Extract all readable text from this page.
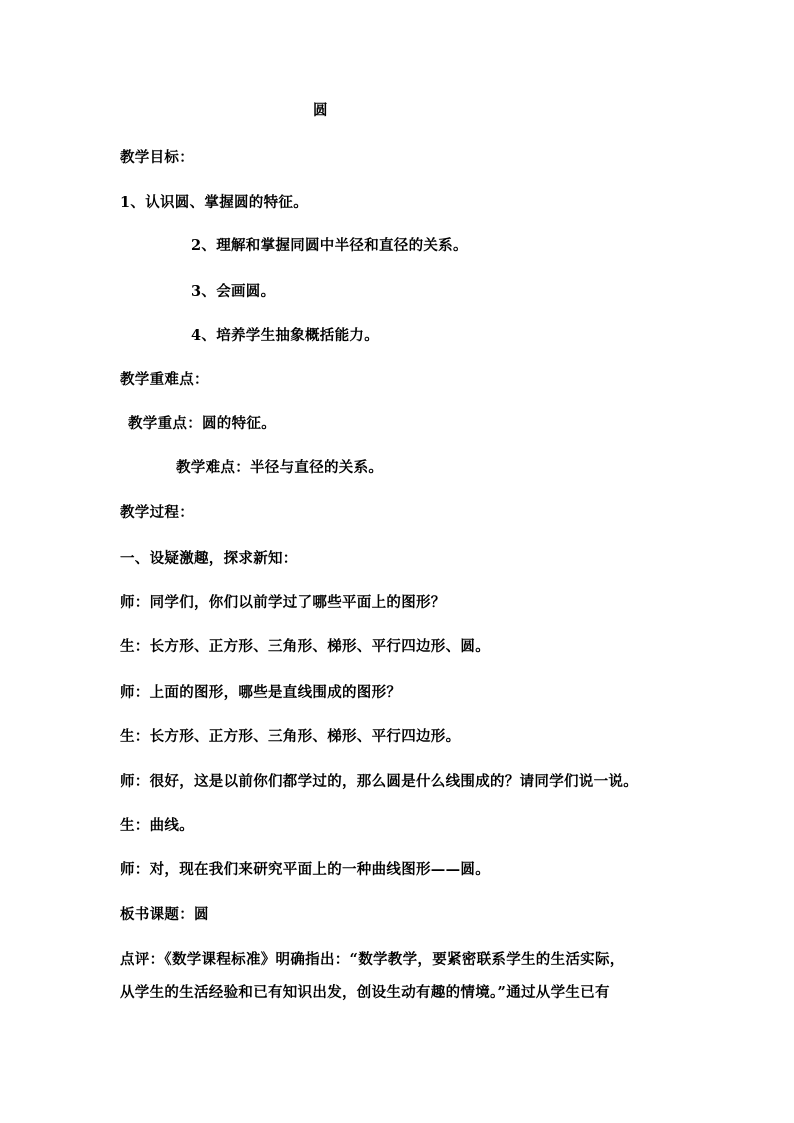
圆
教学目标：
1、认识圆、掌握圆的特征。
2、理解和掌握同圆中半径和直径的关系。
3、会画圆。
4、培养学生抽象概括能力。
教学重难点：
教学重点：圆的特征。
教学难点：半径与直径的关系。
教学过程：
一、设疑激趣，探求新知：
师：同学们，你们以前学过了哪些平面上的图形？
生：长方形、正方形、三角形、梯形、平行四边形、圆。
师：上面的图形，哪些是直线围成的图形？
生：长方形、正方形、三角形、梯形、平行四边形。
师：很好，这是以前你们都学过的，那么圆是什么线围成的？请同学们说一说。
生：曲线。
师：对，现在我们来研究平面上的一种曲线图形——圆。
板书课题：圆
点评：《数学课程标准》明确指出：“数学教学，要紧密联系学生的生活实际，
从学生的生活经验和已有知识出发，创设生动有趣的情境。”通过从学生已有
